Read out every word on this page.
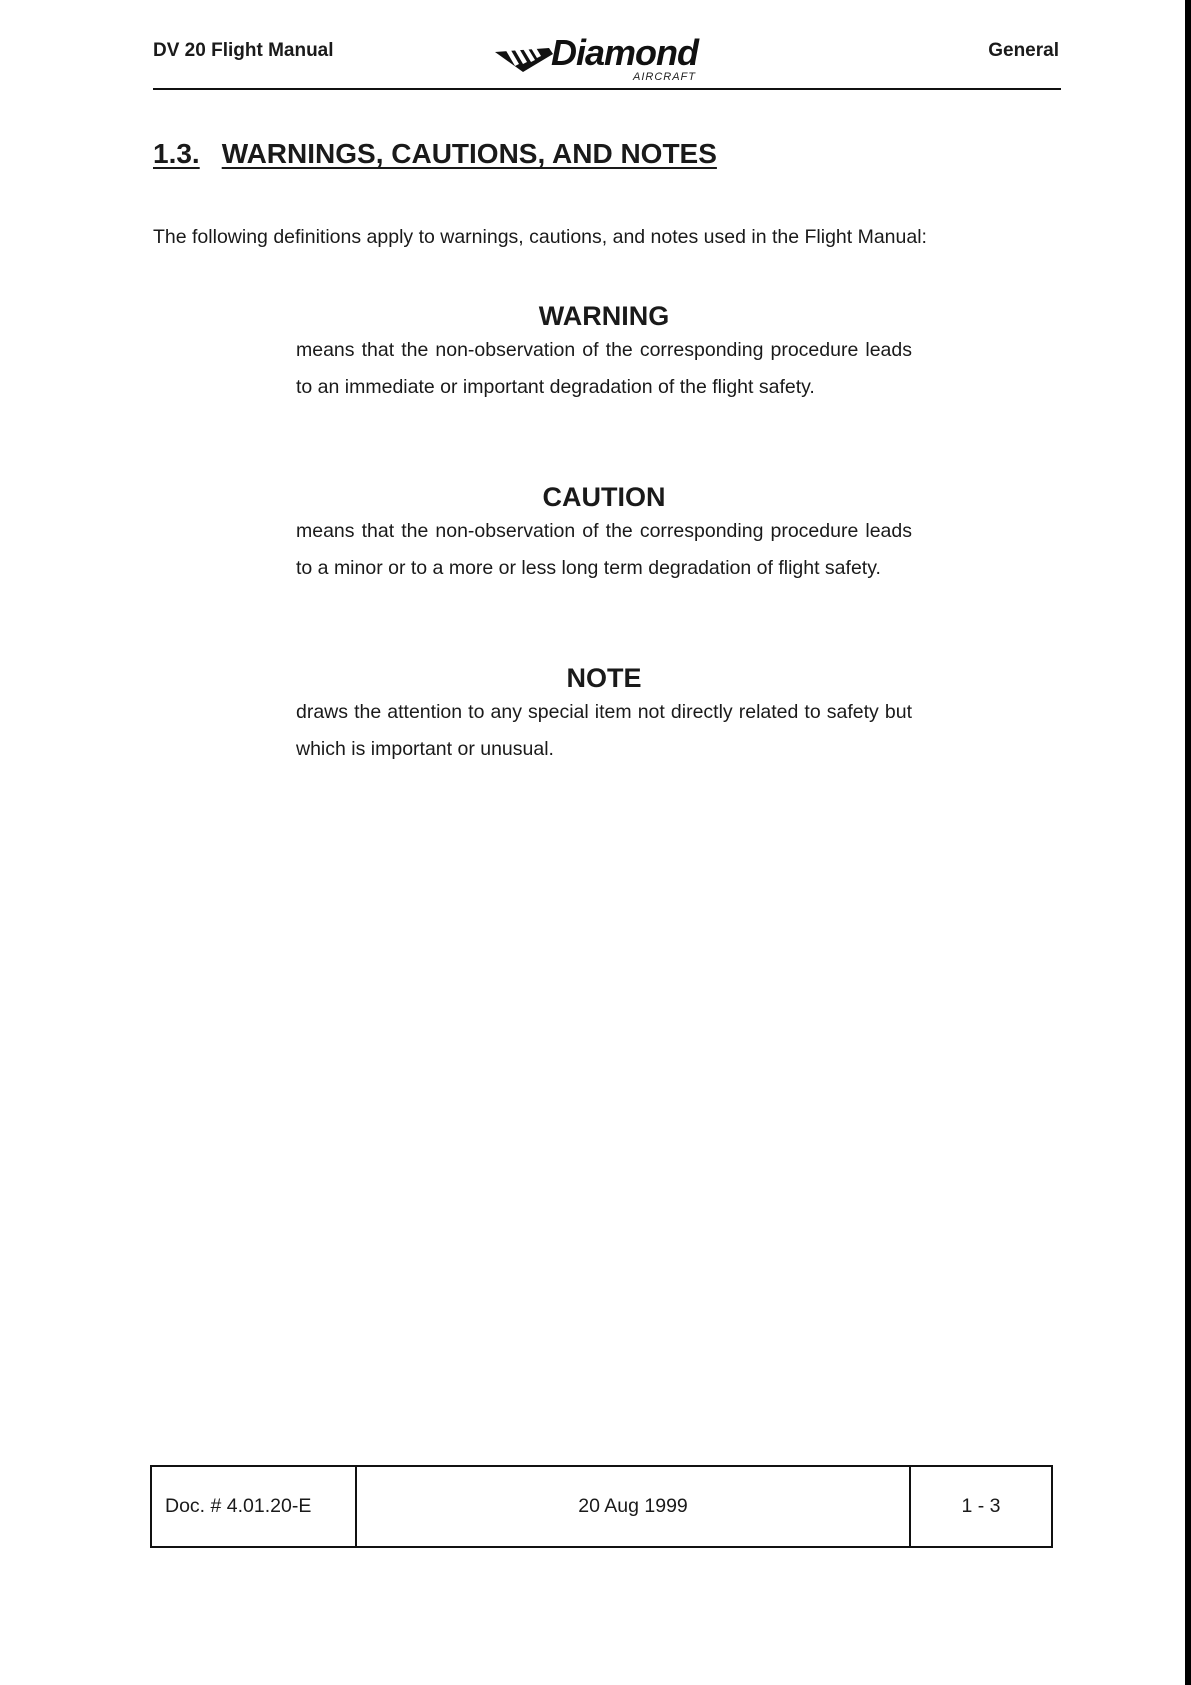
DV 20 Flight Manual	Diamond
AIRCRAFT
General
1.3. WARNINGS, CAUTIONS, AND NOTES
The following definitions apply to warnings, cautions, and notes used in the Flight Manual:
WARNING

means that the non-observation of the corresponding procedure leads to an immediate or important degradation of the flight safety.

CAUTION

means that the non-observation of the corresponding procedure leads to a minor or to a more or less long term degradation of flight safety.

NOTE

draws the attention to any special item not directly related to safety but which is important or unusual.

Doc. # 4.01.20-E	20 Aug 1999	1 - 3
